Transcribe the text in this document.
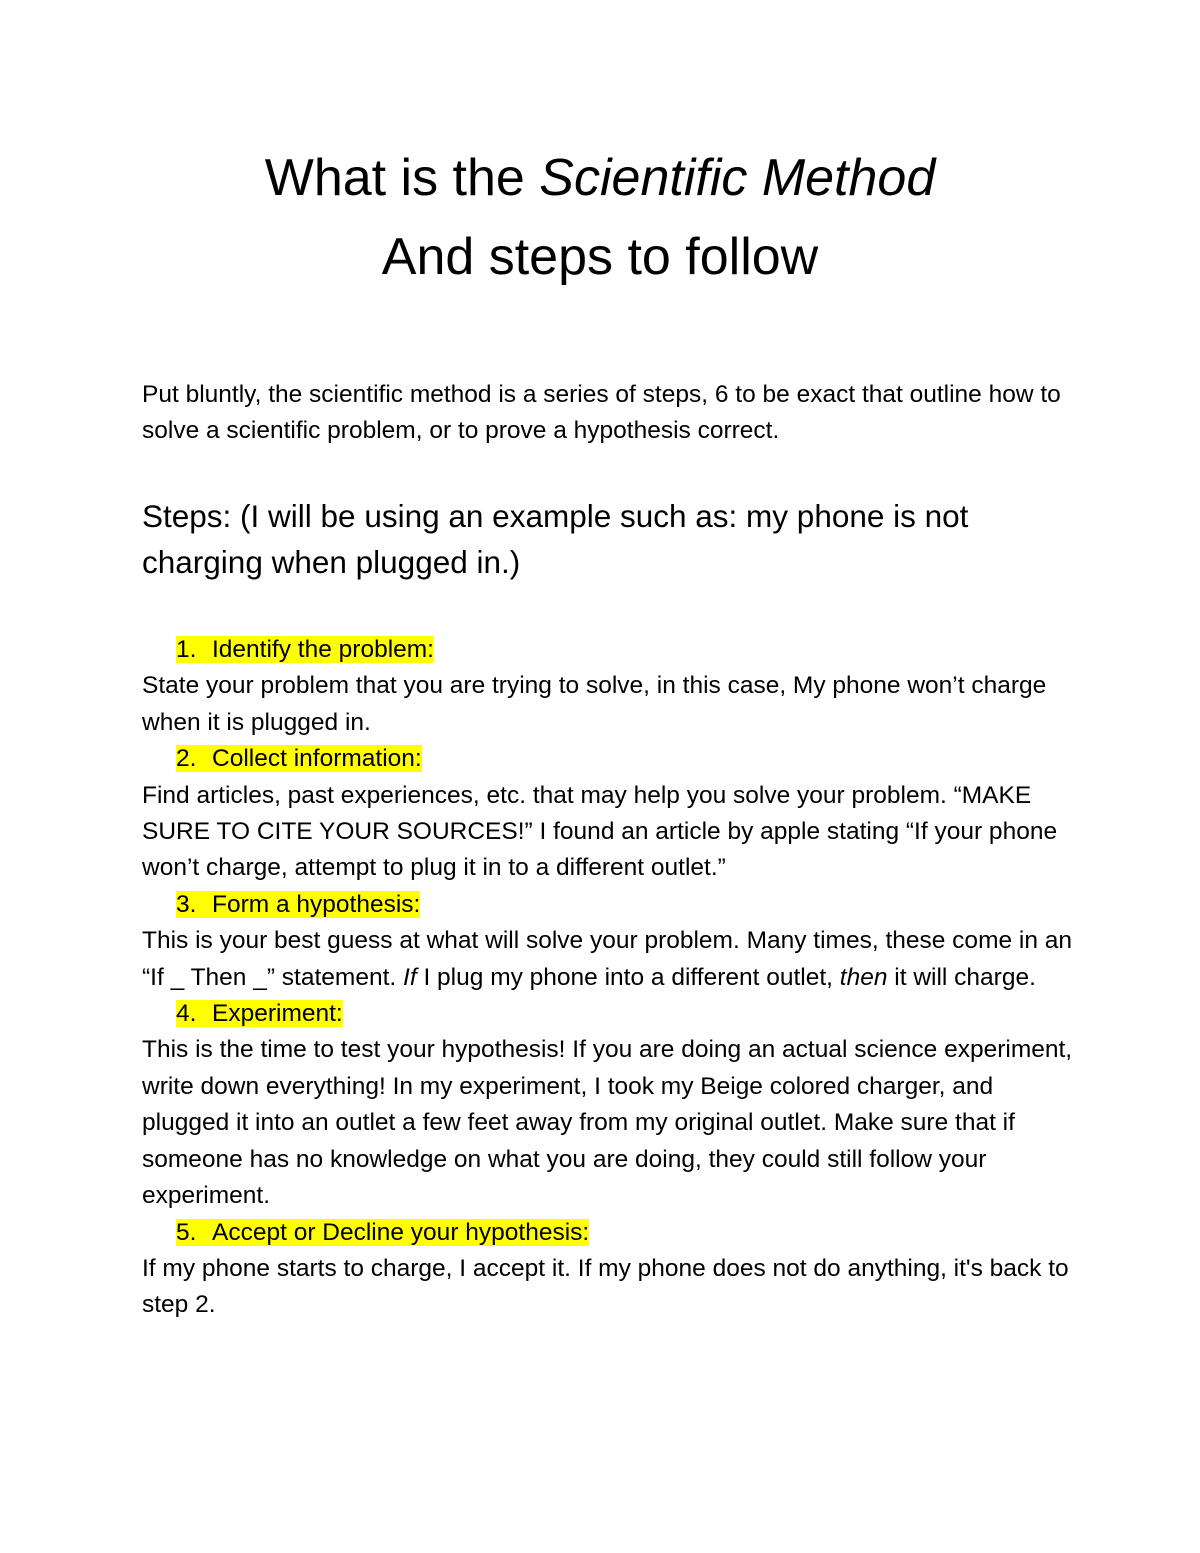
What is the Scientific Method
And steps to follow
Put bluntly, the scientific method is a series of steps, 6 to be exact that outline how to solve a scientific problem, or to prove a hypothesis correct.
Steps: (I will be using an example such as: my phone is not charging when plugged in.)

1. Identify the problem:

State your problem that you are trying to solve, in this case, My phone won’t charge when it is plugged in.

2. Collect information:

Find articles, past experiences, etc. that may help you solve your problem. “MAKE SURE TO CITE YOUR SOURCES!” I found an article by apple stating “If your phone won’t charge, attempt to plug it in to a different outlet.”

3. Form a hypothesis:

This is your best guess at what will solve your problem. Many times, these come in an “If _ Then _” statement. If I plug my phone into a different outlet, then it will charge.

4. Experiment:

This is the time to test your hypothesis! If you are doing an actual science experiment, write down everything! In my experiment, I took my Beige colored charger, and plugged it into an outlet a few feet away from my original outlet. Make sure that if someone has no knowledge on what you are doing, they could still follow your experiment.

5. Accept or Decline your hypothesis:

If my phone starts to charge, I accept it. If my phone does not do anything, it's back to step 2.
